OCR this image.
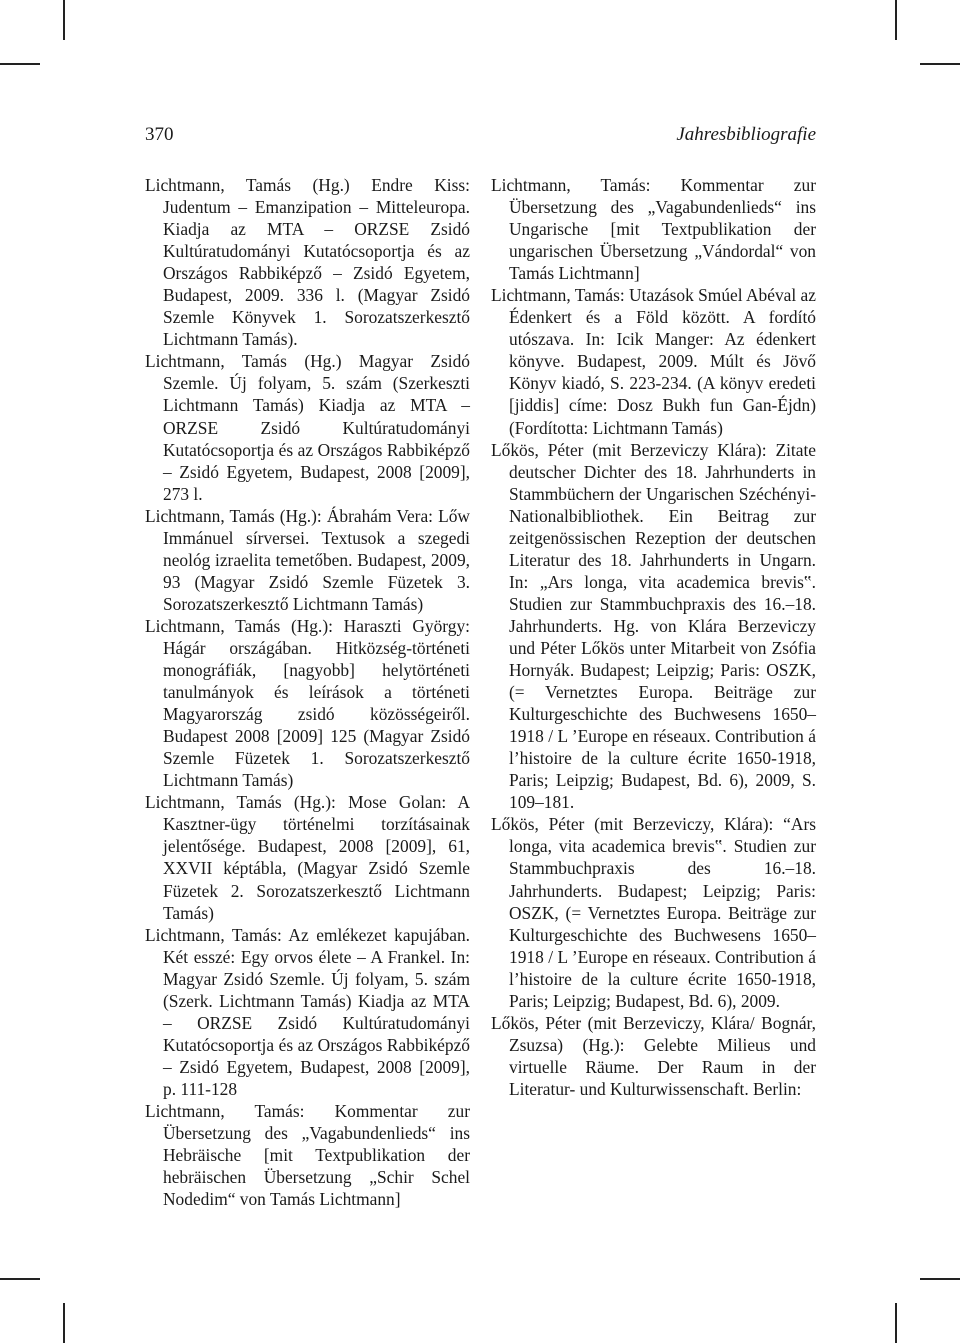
370	Jahresbibliografie

Lichtmann, Tamás (Hg.) Endre Kiss: Judentum – Emanzipation – Mitteleuropa. Kiadja az MTA – ORZSE Zsidó Kultúratudományi Kutatócsoportja és az Országos Rabbiképző – Zsidó Egyetem, Budapest, 2009. 336 l. (Magyar Zsidó Szemle Könyvek 1. Sorozatszerkesztő Lichtmann Tamás).

Lichtmann, Tamás (Hg.) Magyar Zsidó Szemle. Új folyam, 5. szám (Szerkeszti Lichtmann Tamás) Kiadja az MTA – ORZSE Zsidó Kultúratudományi Kutatócsoportja és az Országos Rabbiképző – Zsidó Egyetem, Budapest, 2008 [2009], 273 l.

Lichtmann, Tamás (Hg.): Ábrahám Vera: Lőw Immánuel sírversei. Textusok a szegedi neológ izraelita temetőben. Budapest, 2009, 93 (Magyar Zsidó Szemle Füzetek 3. Sorozatszerkesztő Lichtmann Tamás)

Lichtmann, Tamás (Hg.): Haraszti György: Hágár országában. Hitközség-történeti monográfiák, [nagyobb] helytörténeti tanulmányok és leírások a történeti Magyarország zsidó közösségeiről. Budapest 2008 [2009] 125 (Magyar Zsidó Szemle Füzetek 1. Sorozatszerkesztő Lichtmann Tamás)

Lichtmann, Tamás (Hg.): Mose Golan: A Kasztner-ügy történelmi torzításainak jelentősége. Budapest, 2008 [2009], 61, XXVII képtábla, (Magyar Zsidó Szemle Füzetek 2. Sorozatszerkesztő Lichtmann Tamás)

Lichtmann, Tamás: Az emlékezet kapujában. Két esszé: Egy orvos élete – A Frankel. In: Magyar Zsidó Szemle. Új folyam, 5. szám (Szerk. Lichtmann Tamás) Kiadja az MTA – ORZSE Zsidó Kultúratudományi Kutatócsoportja és az Országos Rabbiképző – Zsidó Egyetem, Budapest, 2008 [2009], p. 111-128

Lichtmann, Tamás: Kommentar zur Übersetzung des „Vagabundenlieds“ ins Hebräische [mit Textpublikation der hebräischen Übersetzung „Schir Schel Nodedim“ von Tamás Lichtmann]

Lichtmann, Tamás: Kommentar zur Übersetzung des „Vagabundenlieds“ ins Ungarische [mit Textpublikation der ungarischen Übersetzung „Vándordal“ von Tamás Lichtmann]

Lichtmann, Tamás: Utazások Smúel Abéval az Édenkert és a Föld között. A fordító utószava. In: Icik Manger: Az édenkert könyve. Budapest, 2009. Múlt és Jövő Könyv kiadó, S. 223-234. (A könyv eredeti [jiddis] címe: Dosz Bukh fun Gan-Éjdn) (Fordította: Lichtmann Tamás)

Lőkös, Péter (mit Berzeviczy Klára): Zitate deutscher Dichter des 18. Jahrhunderts in Stammbüchern der Ungarischen Széchényi-Nationalbibliothek. Ein Beitrag zur zeitgenössischen Rezeption der deutschen Literatur des 18. Jahrhunderts in Ungarn. In: „Ars longa, vita academica brevis‟. Studien zur Stammbuchpraxis des 16.–18. Jahrhunderts. Hg. von Klára Berzeviczy und Péter Lőkös unter Mitarbeit von Zsófia Hornyák. Budapest; Leipzig; Paris: OSZK, (= Vernetztes Europa. Beiträge zur Kulturgeschichte des Buchwesens 1650–1918 / L ’Europe en réseaux. Contribution á l’histoire de la culture écrite 1650-1918, Paris; Leipzig; Budapest, Bd. 6), 2009, S. 109–181.

Lőkös, Péter (mit Berzeviczy, Klára): “Ars longa, vita academica brevis‟. Studien zur Stammbuchpraxis des 16.–18. Jahrhunderts. Budapest; Leipzig; Paris: OSZK, (= Vernetztes Europa. Beiträge zur Kulturgeschichte des Buchwesens 1650–1918 / L ’Europe en réseaux. Contribution á l’histoire de la culture écrite 1650-1918, Paris; Leipzig; Budapest, Bd. 6), 2009.

Lőkös, Péter (mit Berzeviczy, Klára/ Bognár, Zsuzsa) (Hg.): Gelebte Milieus und virtuelle Räume. Der Raum in der Literatur- und Kulturwissenschaft. Berlin:
